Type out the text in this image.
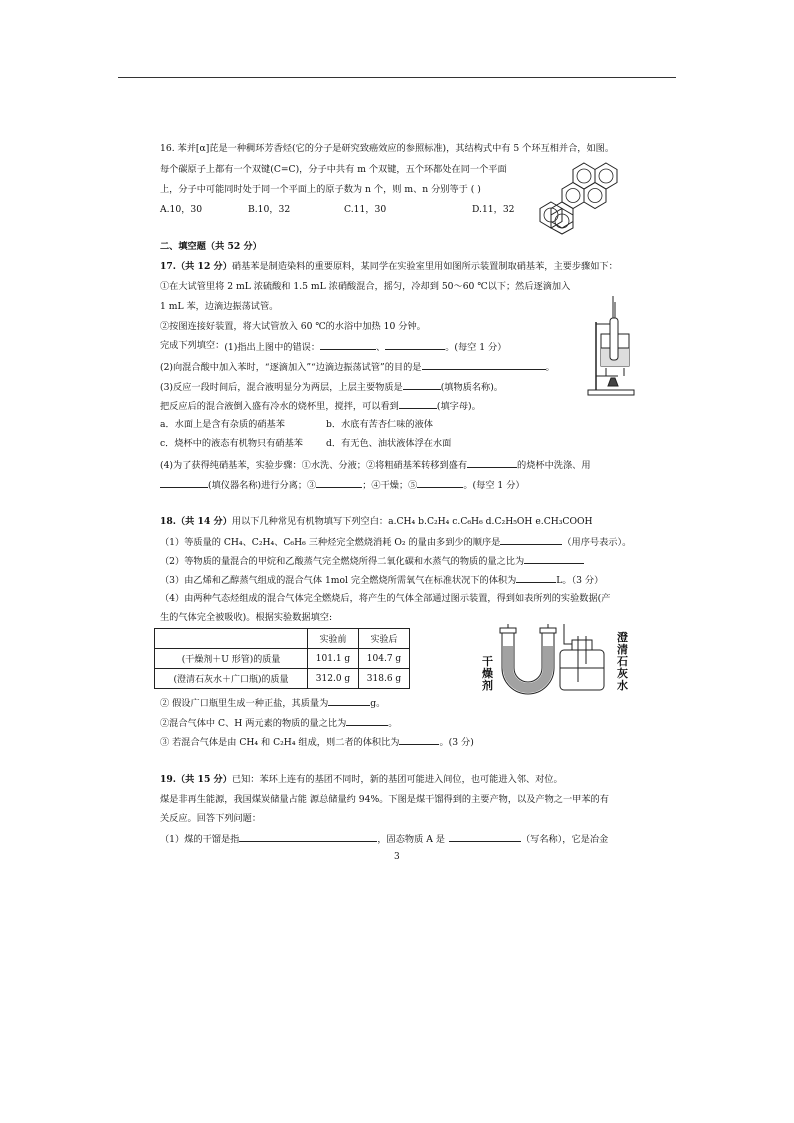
16. 苯并[α]芘是一种稠环芳香烃(它的分子是研究致癌效应的参照标准)，其结构式中有 5 个环互相并合，如图。
每个碳原子上都有一个双键(C=C)，分子中共有 m 个双键，五个环都处在同一个平面
上，分子中可能同时处于同一个平面上的原子数为 n 个，则 m、n 分别等于 ( )
A.10，30	B.10，32	C.11，30	D.11，32
二、填空题（共 52 分）
17.（共 12 分）硝基苯是制造染料的重要原料，某同学在实验室里用如图所示装置制取硝基苯，主要步骤如下：
①在大试管里将 2 mL 浓硫酸和 1.5 mL 浓硝酸混合，摇匀，冷却到 50～60 ℃以下；然后逐滴加入
1 mL 苯，边滴边振荡试管。
②按图连接好装置，将大试管放入 60 ℃的水浴中加热 10 分钟。
完成下列填空： (1)指出上图中的错误：	、	。(每空 1 分）
(2)向混合酸中加入苯时，“逐滴加入”“边滴边振荡试管”的目的是	。
(3)反应一段时间后，混合液明显分为两层，上层主要物质是	(填物质名称)。
把反应后的混合液倒入盛有冷水的烧杯里，搅拌，可以看到	(填字母)。
a．水面上是含有杂质的硝基苯	b．水底有苦杏仁味的液体
c．烧杯中的液态有机物只有硝基苯	d．有无色、油状液体浮在水面
(4)为了获得纯硝基苯，实验步骤：①水洗、分液；②将粗硝基苯转移到盛有	的烧杯中洗涤、用
(填仪器名称)进行分离；③	；④干燥；⑤	。(每空 1 分）
18.（共 14 分）用以下几种常见有机物填写下列空白：a.CH₄ b.C₂H₄ c.C₆H₆ d.C₂H₅OH e.CH₃COOH
（1）等质量的 CH₄、C₂H₄、C₆H₆ 三种烃完全燃烧消耗 O₂ 的量由多到少的顺序是	（用序号表示）。
（2）等物质的量混合的甲烷和乙酸蒸气完全燃烧所得二氧化碳和水蒸气的物质的量之比为
（3）由乙烯和乙醇蒸气组成的混合气体 1mol 完全燃烧所需氧气在标准状况下的体积为	L。（3 分）
（4）由两种气态烃组成的混合气体完全燃烧后，将产生的气体全部通过图示装置，得到如表所列的实验数据(产
生的气体完全被吸收)。根据实验数据填空:
	实验前	实验后
(干燥剂＋U 形管)的质量	101.1 g	104.7 g
(澄清石灰水＋广口瓶)的质量	312.0 g	318.6 g
干燥剂
澄清石灰水
② 假设广口瓶里生成一种正盐，其质量为	g。
②混合气体中 C、H 两元素的物质的量之比为	。
③ 若混合气体是由 CH₄ 和 C₂H₄ 组成，则二者的体积比为	。(3 分)
19.（共 15 分）已知：苯环上连有的基团不同时，新的基团可能进入间位，也可能进入邻、对位。
煤是非再生能源，我国煤炭储量占能 源总储量约 94%。下图是煤干馏得到的主要产物，以及产物之一甲苯的有
关反应。回答下列问题：
（1）煤的干馏是指	，固态物质 A 是	（写名称），它是冶金
3
